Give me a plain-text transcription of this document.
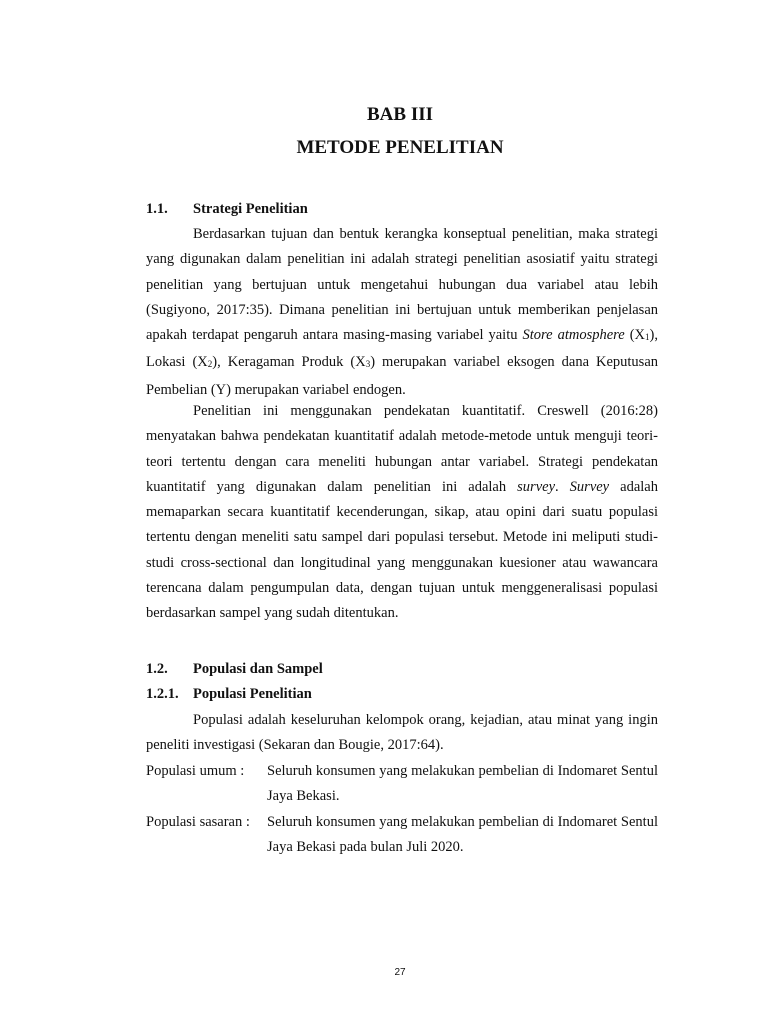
BAB III
METODE PENELITIAN
1.1. Strategi Penelitian

Berdasarkan tujuan dan bentuk kerangka konseptual penelitian, maka strategi yang digunakan dalam penelitian ini adalah strategi penelitian asosiatif yaitu strategi penelitian yang bertujuan untuk mengetahui hubungan dua variabel atau lebih (Sugiyono, 2017:35). Dimana penelitian ini bertujuan untuk memberikan penjelasan apakah terdapat pengaruh antara masing-masing variabel yaitu Store atmosphere $(X_1)$, Lokasi $(X_2)$, Keragaman Produk $(X_3)$ merupakan variabel eksogen dana Keputusan Pembelian (Y) merupakan variabel endogen.

Penelitian ini menggunakan pendekatan kuantitatif. Creswell (2016:28) menyatakan bahwa pendekatan kuantitatif adalah metode-metode untuk menguji teori-teori tertentu dengan cara meneliti hubungan antar variabel. Strategi pendekatan kuantitatif yang digunakan dalam penelitian ini adalah survey. Survey adalah memaparkan secara kuantitatif kecenderungan, sikap, atau opini dari suatu populasi tertentu dengan meneliti satu sampel dari populasi tersebut. Metode ini meliputi studi-studi cross-sectional dan longitudinal yang menggunakan kuesioner atau wawancara terencana dalam pengumpulan data, dengan tujuan untuk menggeneralisasi populasi berdasarkan sampel yang sudah ditentukan.

1.2. Populasi dan Sampel
1.2.1. Populasi Penelitian

Populasi adalah keseluruhan kelompok orang, kejadian, atau minat yang ingin peneliti investigasi (Sekaran dan Bougie, 2017:64).

Populasi umum : Seluruh konsumen yang melakukan pembelian di Indomaret Sentul Jaya Bekasi.
Populasi sasaran : Seluruh konsumen yang melakukan pembelian di Indomaret Sentul Jaya Bekasi pada bulan Juli 2020.
27
